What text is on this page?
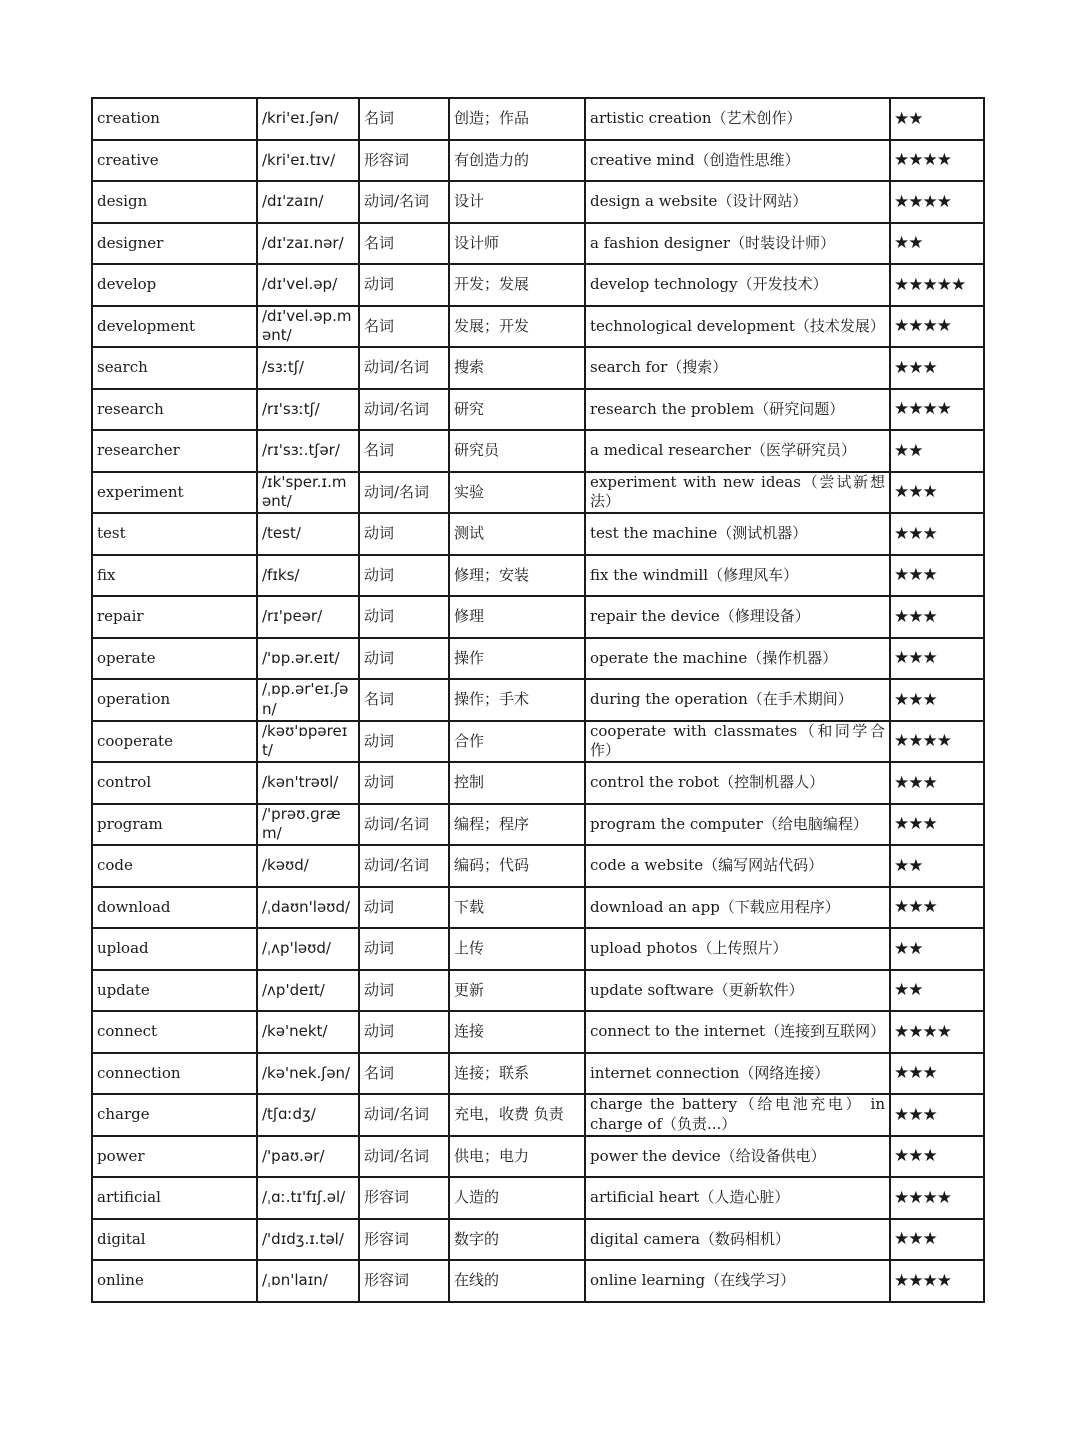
creation	/kri'eɪ.ʃən/	名词	创造；作品	artistic creation（艺术创作）	★★
creative	/kri'eɪ.tɪv/	形容词	有创造力的	creative mind（创造性思维）	★★★★
design	/dɪ'zaɪn/	动词/名词	设计	design a website（设计网站）	★★★★
designer	/dɪ'zaɪ.nər/	名词	设计师	a fashion designer（时装设计师）	★★
develop	/dɪ'vel.əp/	动词	开发；发展	develop technology（开发技术）	★★★★★
development	/dɪ'vel.əp.mənt/	名词	发展；开发	technological development（技术发展）	★★★★
search	/sɜːtʃ/	动词/名词	搜索	search for（搜索）	★★★
research	/rɪ'sɜːtʃ/	动词/名词	研究	research the problem（研究问题）	★★★★
researcher	/rɪ'sɜː.tʃər/	名词	研究员	a medical researcher（医学研究员）	★★
experiment	/ɪk'sper.ɪ.mənt/	动词/名词	实验	experiment with new ideas（尝试新想法）	★★★
test	/test/	动词	测试	test the machine（测试机器）	★★★
fix	/fɪks/	动词	修理；安装	fix the windmill（修理风车）	★★★
repair	/rɪ'peər/	动词	修理	repair the device（修理设备）	★★★
operate	/'ɒp.ər.eɪt/	动词	操作	operate the machine（操作机器）	★★★
operation	/ˌɒp.ər'eɪ.ʃən/	名词	操作；手术	during the operation（在手术期间）	★★★
cooperate	/kəʊ'ɒpəreɪt/	动词	合作	cooperate with classmates（和同学合作）	★★★★
control	/kən'trəʊl/	动词	控制	control the robot（控制机器人）	★★★
program	/'prəʊ.ɡræm/	动词/名词	编程；程序	program the computer（给电脑编程）	★★★
code	/kəʊd/	动词/名词	编码；代码	code a website（编写网站代码）	★★
download	/ˌdaʊn'ləʊd/	动词	下载	download an app（下载应用程序）	★★★
upload	/ˌʌp'ləʊd/	动词	上传	upload photos（上传照片）	★★
update	/ʌp'deɪt/	动词	更新	update software（更新软件）	★★
connect	/kə'nekt/	动词	连接	connect to the internet（连接到互联网）	★★★★
connection	/kə'nek.ʃən/	名词	连接；联系	internet connection（网络连接）	★★★
charge	/tʃɑːdʒ/	动词/名词	充电，收费 负责	charge the battery（给电池充电） in charge of（负责...）	★★★
power	/'paʊ.ər/	动词/名词	供电；电力	power the device（给设备供电）	★★★
artificial	/ˌɑː.tɪ'fɪʃ.əl/	形容词	人造的	artificial heart（人造心脏）	★★★★
digital	/'dɪdʒ.ɪ.təl/	形容词	数字的	digital camera（数码相机）	★★★
online	/ˌɒn'laɪn/	形容词	在线的	online learning（在线学习）	★★★★
